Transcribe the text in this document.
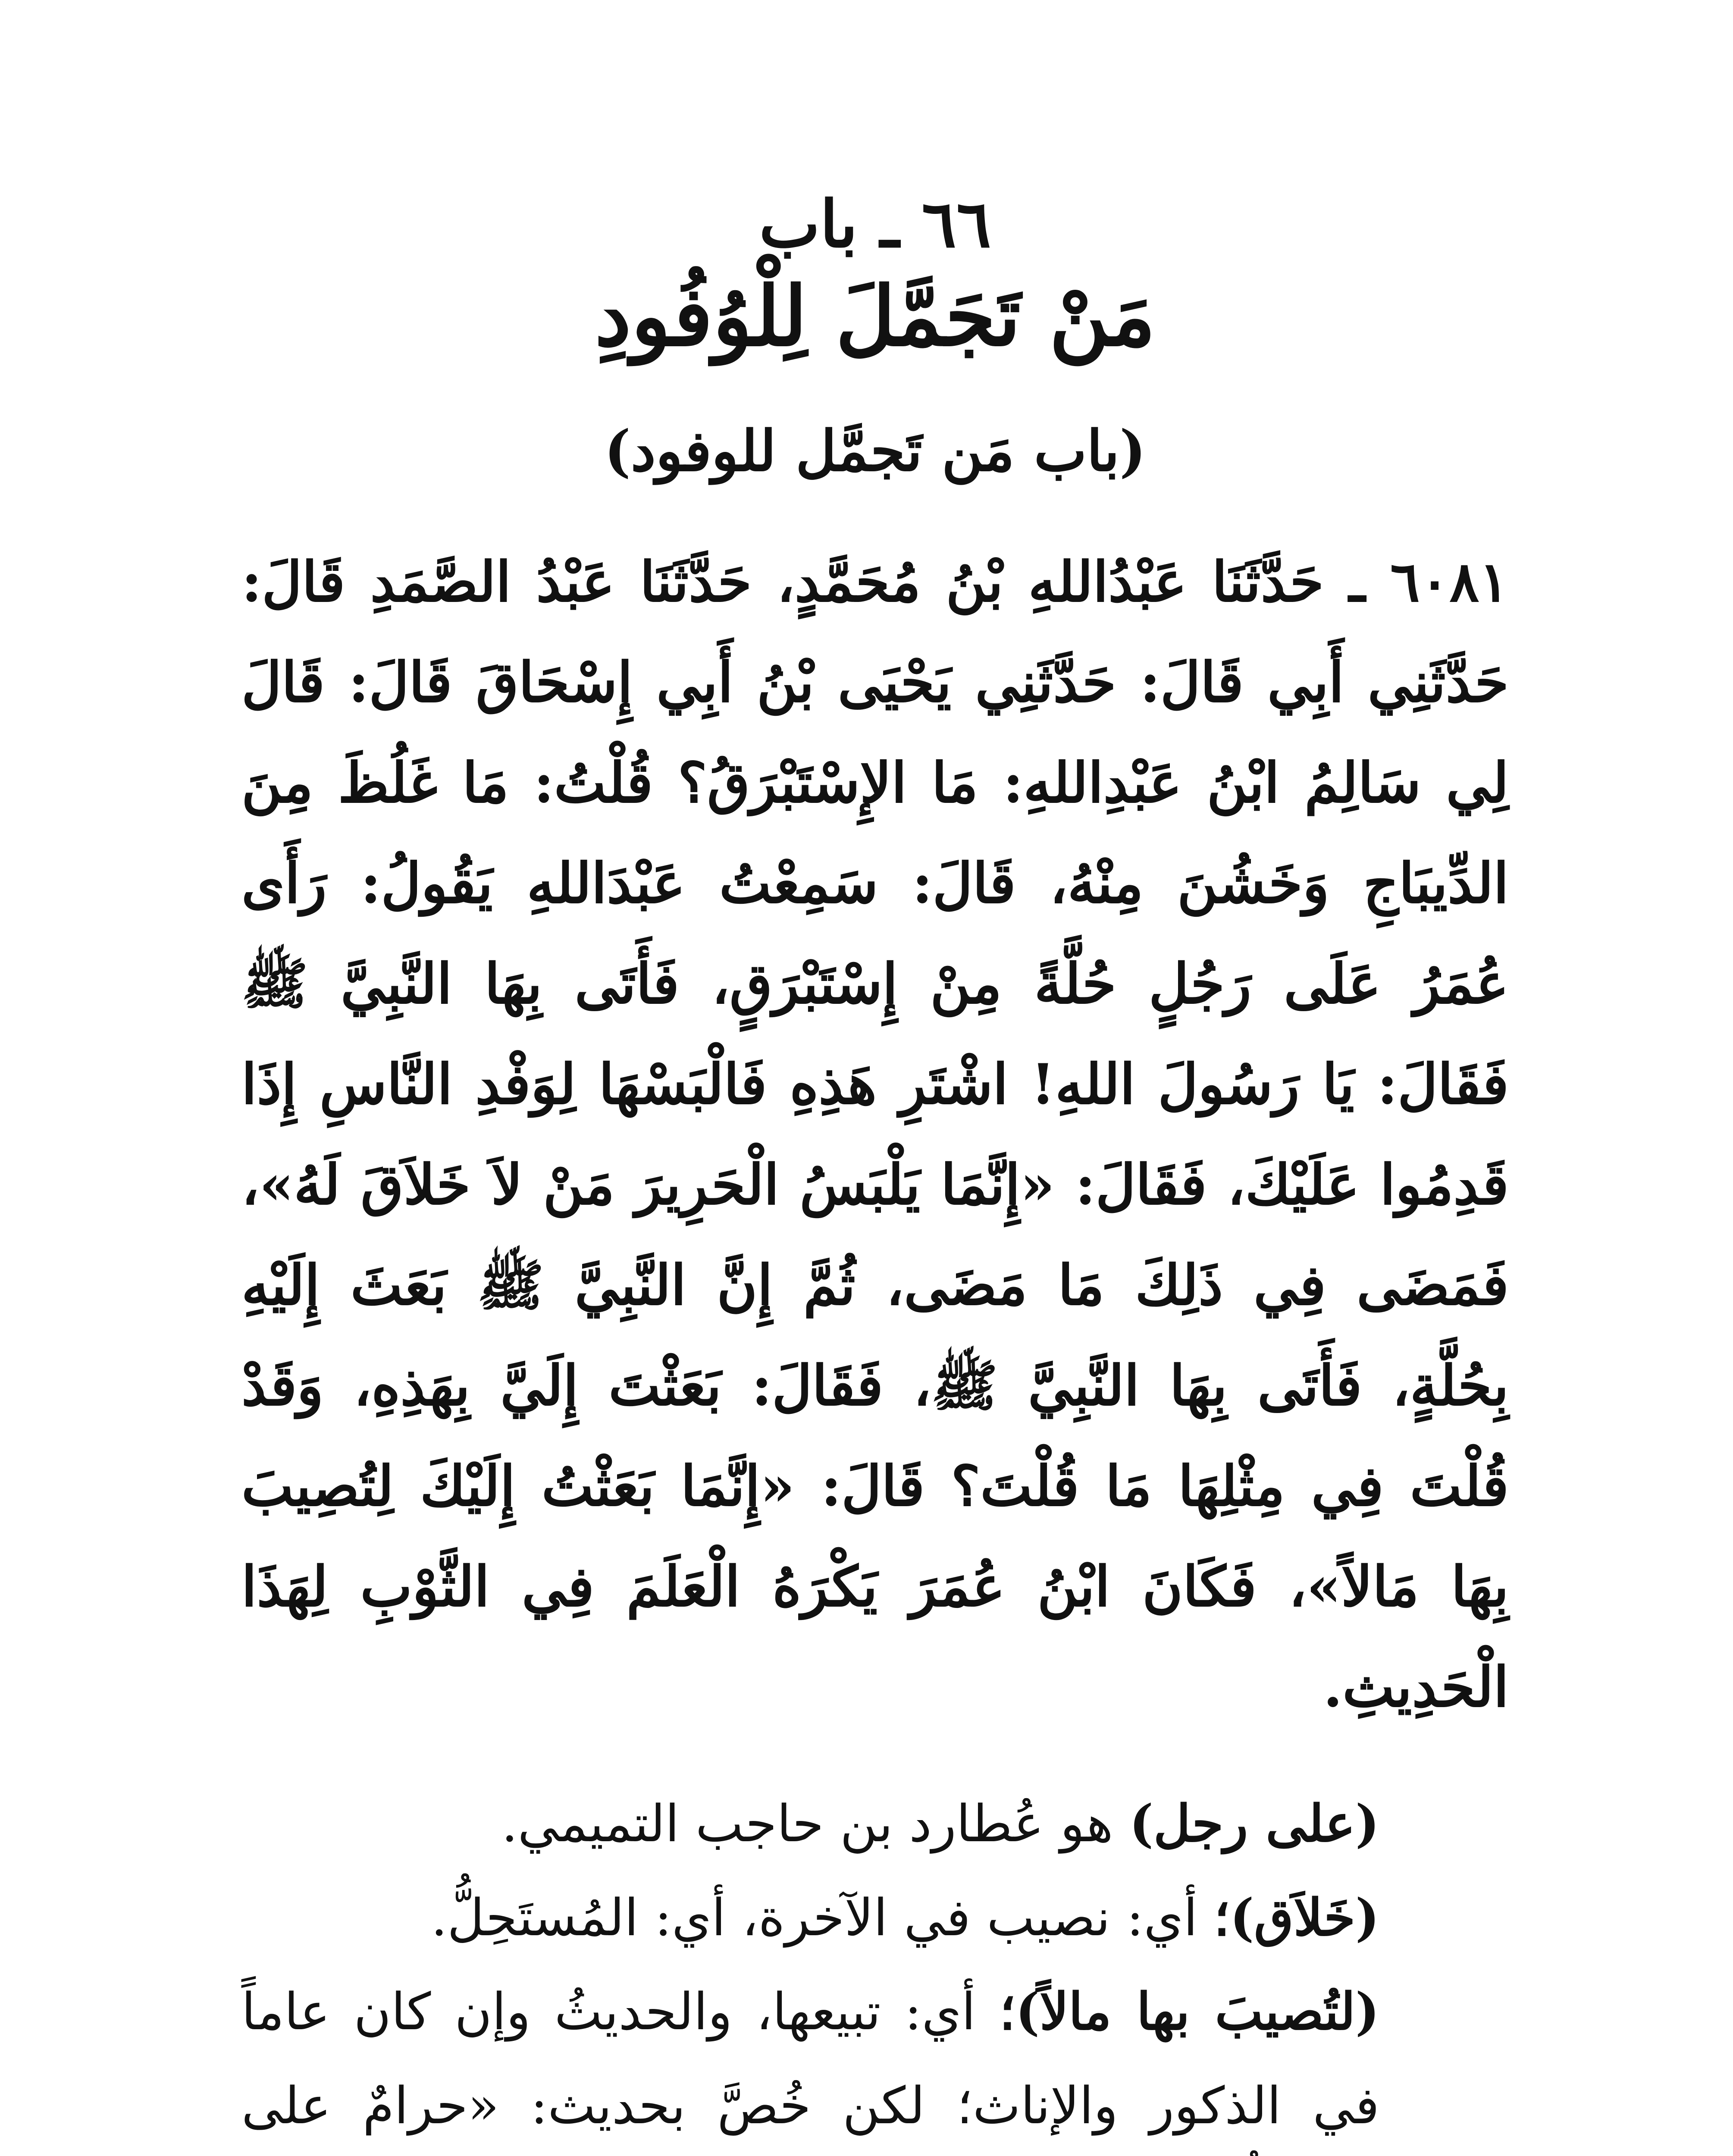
٦٦ ـ باب
مَنْ تَجَمَّلَ لِلْوُفُودِ
(باب مَن تَجمَّل للوفود)

٦٠٨١ ـ حَدَّثَنَا عَبْدُاللهِ بْنُ مُحَمَّدٍ، حَدَّثَنَا عَبْدُ الصَّمَدِ قَالَ: حَدَّثَنِي أَبِي قَالَ: حَدَّثَنِي يَحْيَى بْنُ أَبِي إِسْحَاقَ قَالَ: قَالَ لِي سَالِمُ ابْنُ عَبْدِاللهِ: مَا الإِسْتَبْرَقُ؟ قُلْتُ: مَا غَلُظَ مِنَ الدِّيبَاجِ وَخَشُنَ مِنْهُ، قَالَ: سَمِعْتُ عَبْدَاللهِ يَقُولُ: رَأَى عُمَرُ عَلَى رَجُلٍ حُلَّةً مِنْ إِسْتَبْرَقٍ، فَأَتَى بِهَا النَّبِيَّ ﷺ فَقَالَ: يَا رَسُولَ اللهِ! اشْتَرِ هَذِهِ فَالْبَسْهَا لِوَفْدِ النَّاسِ إِذَا قَدِمُوا عَلَيْكَ، فَقَالَ: «إِنَّمَا يَلْبَسُ الْحَرِيرَ مَنْ لاَ خَلاَقَ لَهُ»، فَمَضَى فِي ذَلِكَ مَا مَضَى، ثُمَّ إِنَّ النَّبِيَّ ﷺ بَعَثَ إِلَيْهِ بِحُلَّةٍ، فَأَتَى بِهَا النَّبِيَّ ﷺ، فَقَالَ: بَعَثْتَ إِلَيَّ بِهَذِهِ، وَقَدْ قُلْتَ فِي مِثْلِهَا مَا قُلْتَ؟ قَالَ: «إِنَّمَا بَعَثْتُ إِلَيْكَ لِتُصِيبَ بِهَا مَالاً»، فَكَانَ ابْنُ عُمَرَ يَكْرَهُ الْعَلَمَ فِي الثَّوْبِ لِهَذَا الْحَدِيثِ.

(على رجل) هو عُطارد بن حاجب التميمي.

(خَلاَق)؛ أي: نصيب في الآخرة، أي: المُستَحِلُّ.

(لتُصيبَ بها مالاً)؛ أي: تبيعها، والحديثُ وإن كان عاماً في الذكور والإناث؛ لكن خُصَّ بحديث: «حرامٌ على
